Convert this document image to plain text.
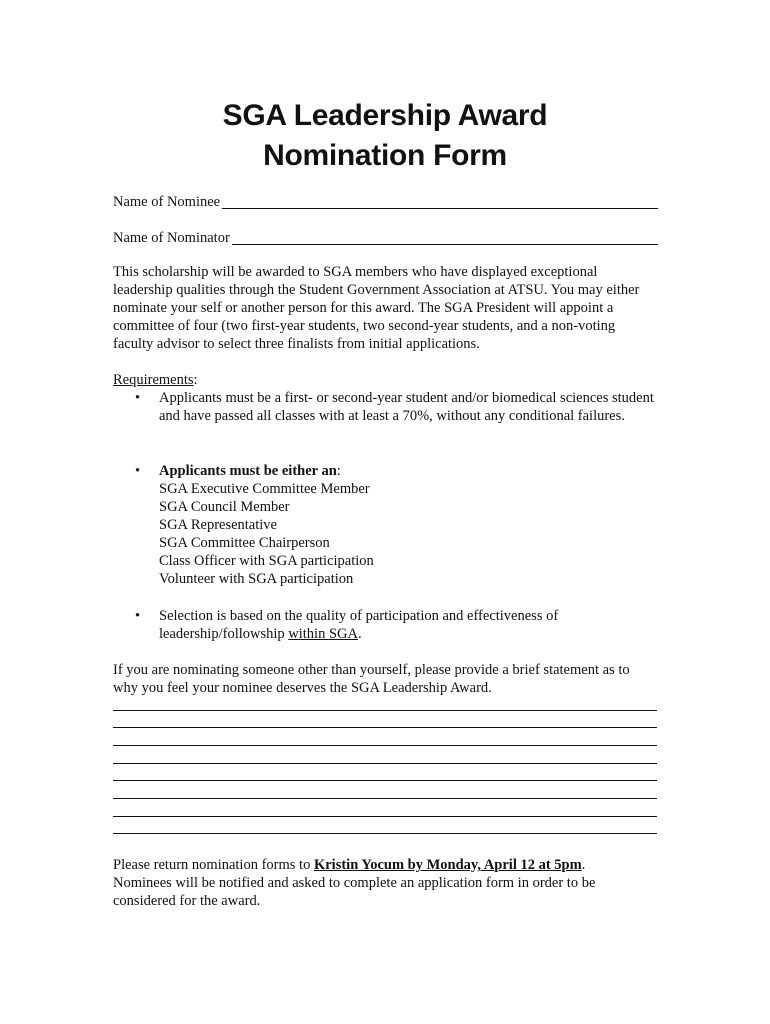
SGA Leadership Award
Nomination Form
Name of Nominee
Name of Nominator
This scholarship will be awarded to SGA members who have displayed exceptional leadership qualities through the Student Government Association at ATSU. You may either nominate your self or another person for this award. The SGA President will appoint a committee of four (two first-year students, two second-year students, and a non-voting faculty advisor to select three finalists from initial applications.
Requirements:
• Applicants must be a first- or second-year student and/or biomedical sciences student and have passed all classes with at least a 70%, without any conditional failures.
• Applicants must be either an:
SGA Executive Committee Member
SGA Council Member
SGA Representative
SGA Committee Chairperson
Class Officer with SGA participation
Volunteer with SGA participation
• Selection is based on the quality of participation and effectiveness of leadership/followship within SGA.
If you are nominating someone other than yourself, please provide a brief statement as to why you feel your nominee deserves the SGA Leadership Award.
Please return nomination forms to Kristin Yocum by Monday, April 12 at 5pm.
Nominees will be notified and asked to complete an application form in order to be considered for the award.
